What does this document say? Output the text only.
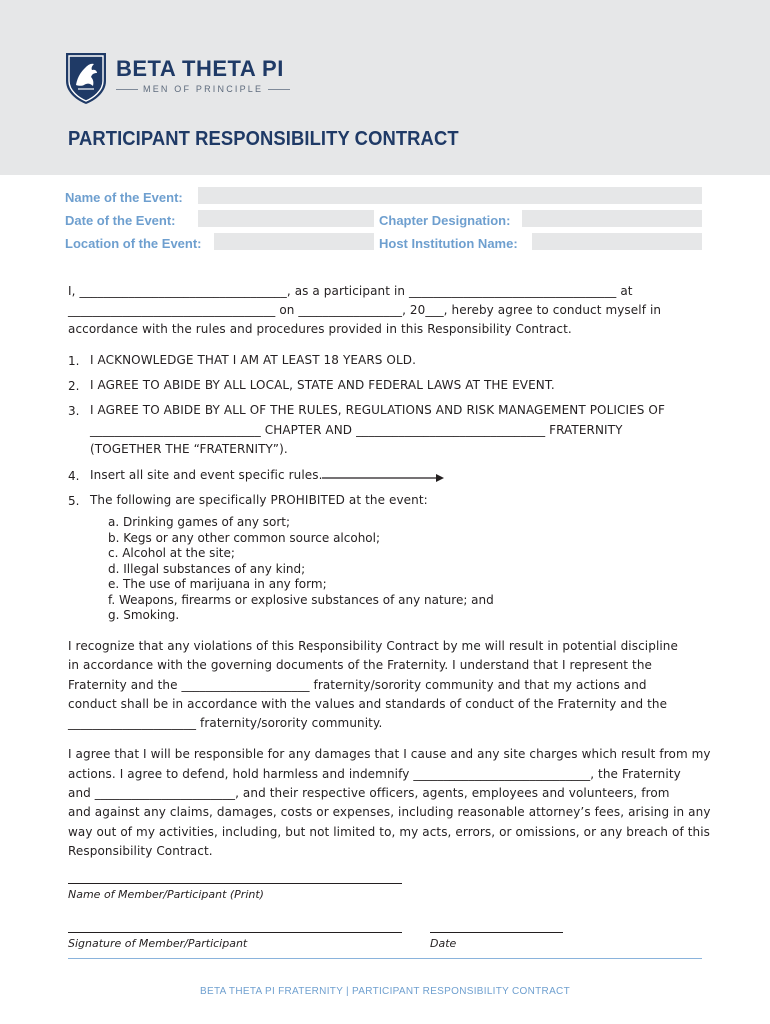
BETA THETA PI
MEN OF PRINCIPLE
PARTICIPANT RESPONSIBILITY CONTRACT
Name of the Event:
Date of the Event:	Chapter Designation:
Location of the Event:	Host Institution Name:
I, __________________________________, as a participant in __________________________________ at
__________________________________ on _________________, 20___, hereby agree to conduct myself in
accordance with the rules and procedures provided in this Responsibility Contract.
1. I ACKNOWLEDGE THAT I AM AT LEAST 18 YEARS OLD.
2. I AGREE TO ABIDE BY ALL LOCAL, STATE AND FEDERAL LAWS AT THE EVENT.
3. I AGREE TO ABIDE BY ALL OF THE RULES, REGULATIONS AND RISK MANAGEMENT POLICIES OF
____________________________ CHAPTER AND _______________________________ FRATERNITY
(TOGETHER THE “FRATERNITY”).
4. Insert all site and event specific rules.
5. The following are specifically PROHIBITED at the event:
a. Drinking games of any sort;
b. Kegs or any other common source alcohol;
c. Alcohol at the site;
d. Illegal substances of any kind;
e. The use of marijuana in any form;
f. Weapons, firearms or explosive substances of any nature; and
g. Smoking.
I recognize that any violations of this Responsibility Contract by me will result in potential discipline
in accordance with the governing documents of the Fraternity. I understand that I represent the
Fraternity and the _____________________ fraternity/sorority community and that my actions and
conduct shall be in accordance with the values and standards of conduct of the Fraternity and the
_____________________ fraternity/sorority community.
I agree that I will be responsible for any damages that I cause and any site charges which result from my
actions. I agree to defend, hold harmless and indemnify _____________________________, the Fraternity
and _______________________, and their respective officers, agents, employees and volunteers, from
and against any claims, damages, costs or expenses, including reasonable attorney’s fees, arising in any
way out of my activities, including, but not limited to, my acts, errors, or omissions, or any breach of this
Responsibility Contract.
Name of Member/Participant (Print)
Signature of Member/Participant	Date
BETA THETA PI FRATERNITY | PARTICIPANT RESPONSIBILITY CONTRACT
